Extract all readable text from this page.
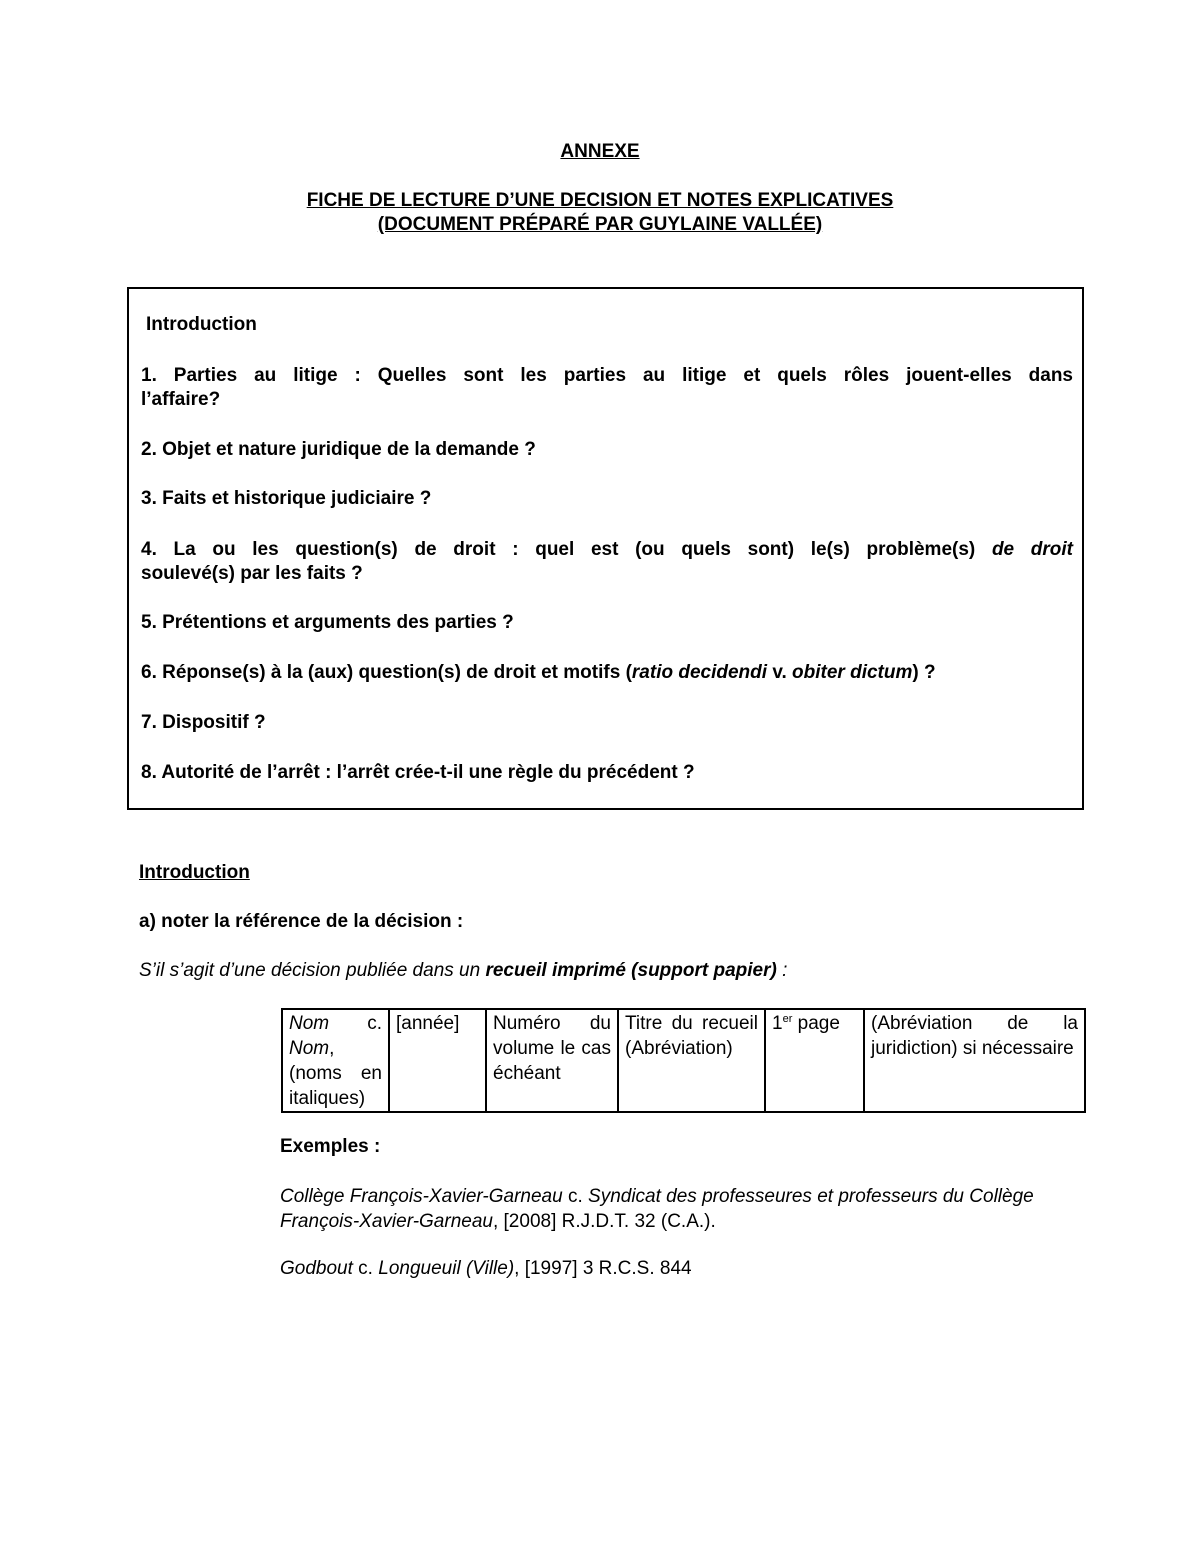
ANNEXE
FICHE DE LECTURE D’UNE DECISION ET NOTES EXPLICATIVES
(DOCUMENT PRÉPARÉ PAR GUYLAINE VALLÉE)
Introduction
1. Parties au litige : Quelles sont les parties au litige et quels rôles jouent-elles dans
l’affaire?
2. Objet et nature juridique de la demande ?
3. Faits et historique judiciaire ?
4. La ou les question(s) de droit : quel est (ou quels sont) le(s) problème(s) de droit
soulevé(s) par les faits ?
5. Prétentions et arguments des parties ?
6. Réponse(s) à la (aux) question(s) de droit et motifs (ratio decidendi v. obiter dictum) ?
7. Dispositif ?
8. Autorité de l’arrêt : l’arrêt crée-t-il une règle du précédent ?
Introduction
a) noter la référence de la décision :
S’il s’agit d’une décision publiée dans un recueil imprimé (support papier) :
Nom c. Nom, (noms en italiques)	[année]	Numéro du volume le cas échéant	Titre du recueil (Abréviation)	1er page	(Abréviation de la juridiction) si nécessaire
Exemples :
Collège François-Xavier-Garneau c. Syndicat des professeures et professeurs du Collège François-Xavier-Garneau, [2008] R.J.D.T. 32 (C.A.).
Godbout c. Longueuil (Ville), [1997] 3 R.C.S. 844
